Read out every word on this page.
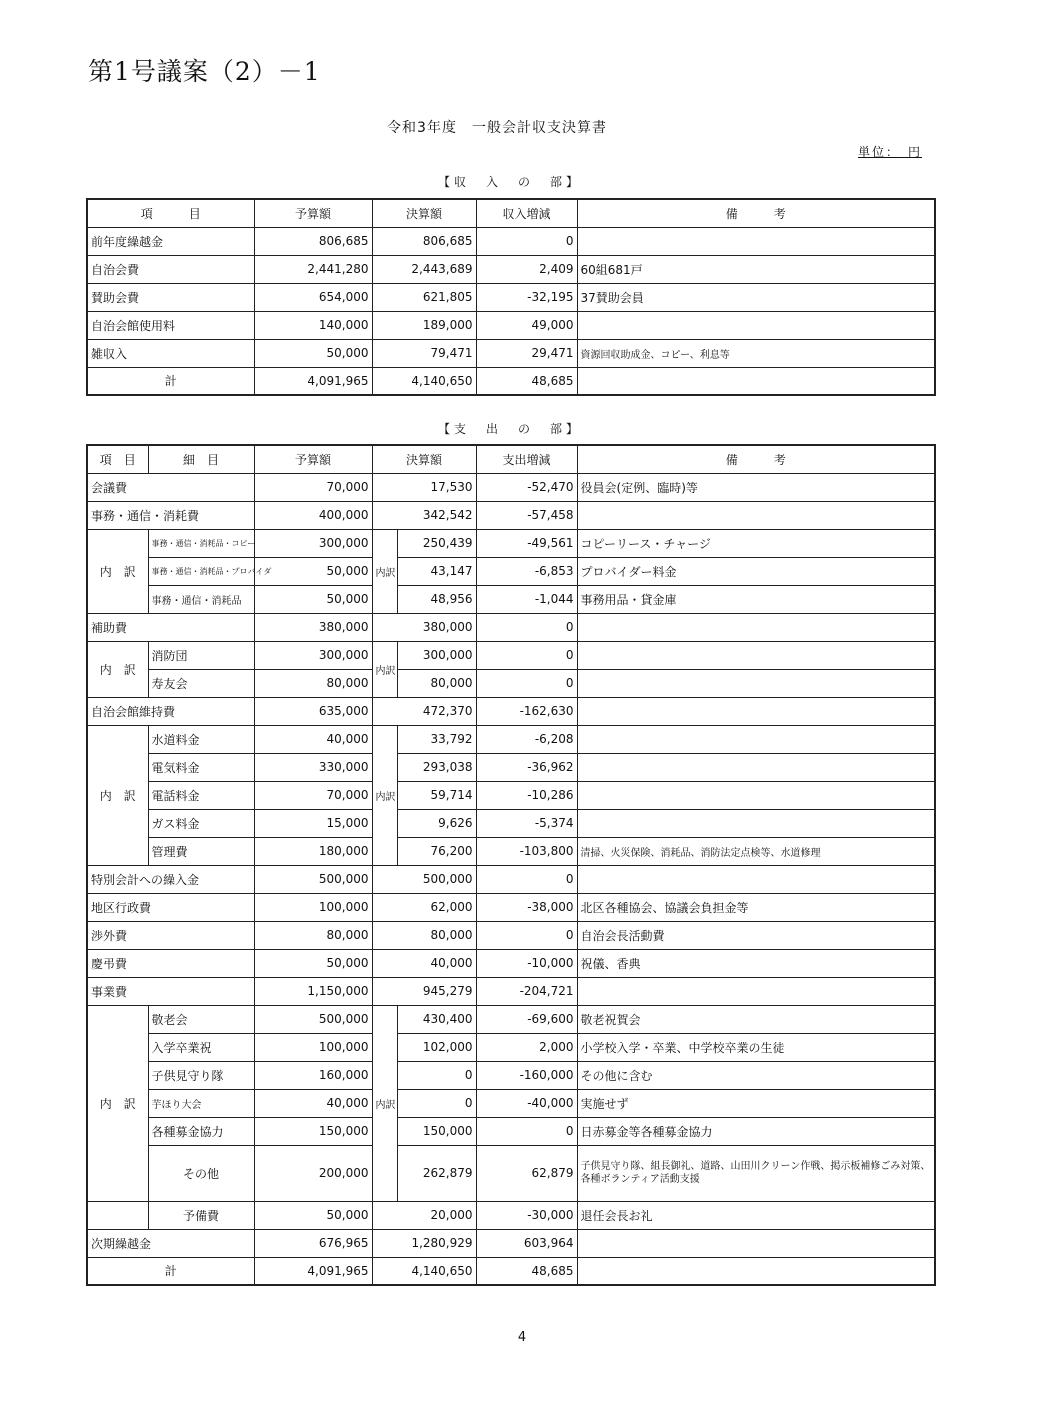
第1号議案（2）－1
令和3年度　一般会計収支決算書
単位：　円
【収　入　の　部】
項　　　目	予算額	決算額	収入増減	備　　　考
前年度繰越金	806,685	806,685	0	
自治会費	2,441,280	2,443,689	2,409	60組681戸
賛助会費	654,000	621,805	-32,195	37賛助会員
自治会館使用料	140,000	189,000	49,000	
雑収入	50,000	79,471	29,471	資源回収助成金、コピー、利息等
計	4,091,965	4,140,650	48,685	
【支　出　の　部】
項　目	細　目	予算額	決算額		支出増減	備　　　考
会議費		70,000	17,530		-52,470	役員会(定例、臨時)等
事務・通信・消耗費		400,000	342,542		-57,458	
内　訳	事務・通信・消耗品・コピー	300,000	内訳	250,439	-49,561	コピーリース・チャージ
	事務・通信・消耗品・プロバイダ	50,000		43,147	-6,853	プロバイダー料金
	事務・通信・消耗品	50,000		48,956	-1,044	事務用品・貸金庫
補助費		380,000	380,000		0	
内　訳	消防団	300,000	内訳	300,000	0	
	寿友会	80,000		80,000	0	
自治会館維持費		635,000	472,370		-162,630	
内　訳	水道料金	40,000	内訳	33,792	-6,208	
	電気料金	330,000		293,038	-36,962	
	電話料金	70,000		59,714	-10,286	
	ガス料金	15,000		9,626	-5,374	
	管理費	180,000		76,200	-103,800	清掃、火災保険、消耗品、消防法定点検等、水道修理
特別会計への繰入金		500,000	500,000		0	
地区行政費		100,000	62,000		-38,000	北区各種協会、協議会負担金等
渉外費		80,000	80,000		0	自治会長活動費
慶弔費		50,000	40,000		-10,000	祝儀、香典
事業費		1,150,000	945,279		-204,721	
内　訳	敬老会	500,000	内訳	430,400	-69,600	敬老祝賀会
	入学卒業祝	100,000		102,000	2,000	小学校入学・卒業、中学校卒業の生徒
	子供見守り隊	160,000		0	-160,000	その他に含む
	芋ほり大会	40,000		0	-40,000	実施せず
	各種募金協力	150,000		150,000	0	日赤募金等各種募金協力
	その他	200,000		262,879	62,879	子供見守り隊、組長御礼、道路、山田川クリーン作戦、掲示板補修ごみ対策、各種ボランティア活動支援
	予備費	50,000	20,000		-30,000	退任会長お礼
次期繰越金		676,965	1,280,929		603,964	
計		4,091,965	4,140,650		48,685	
4
